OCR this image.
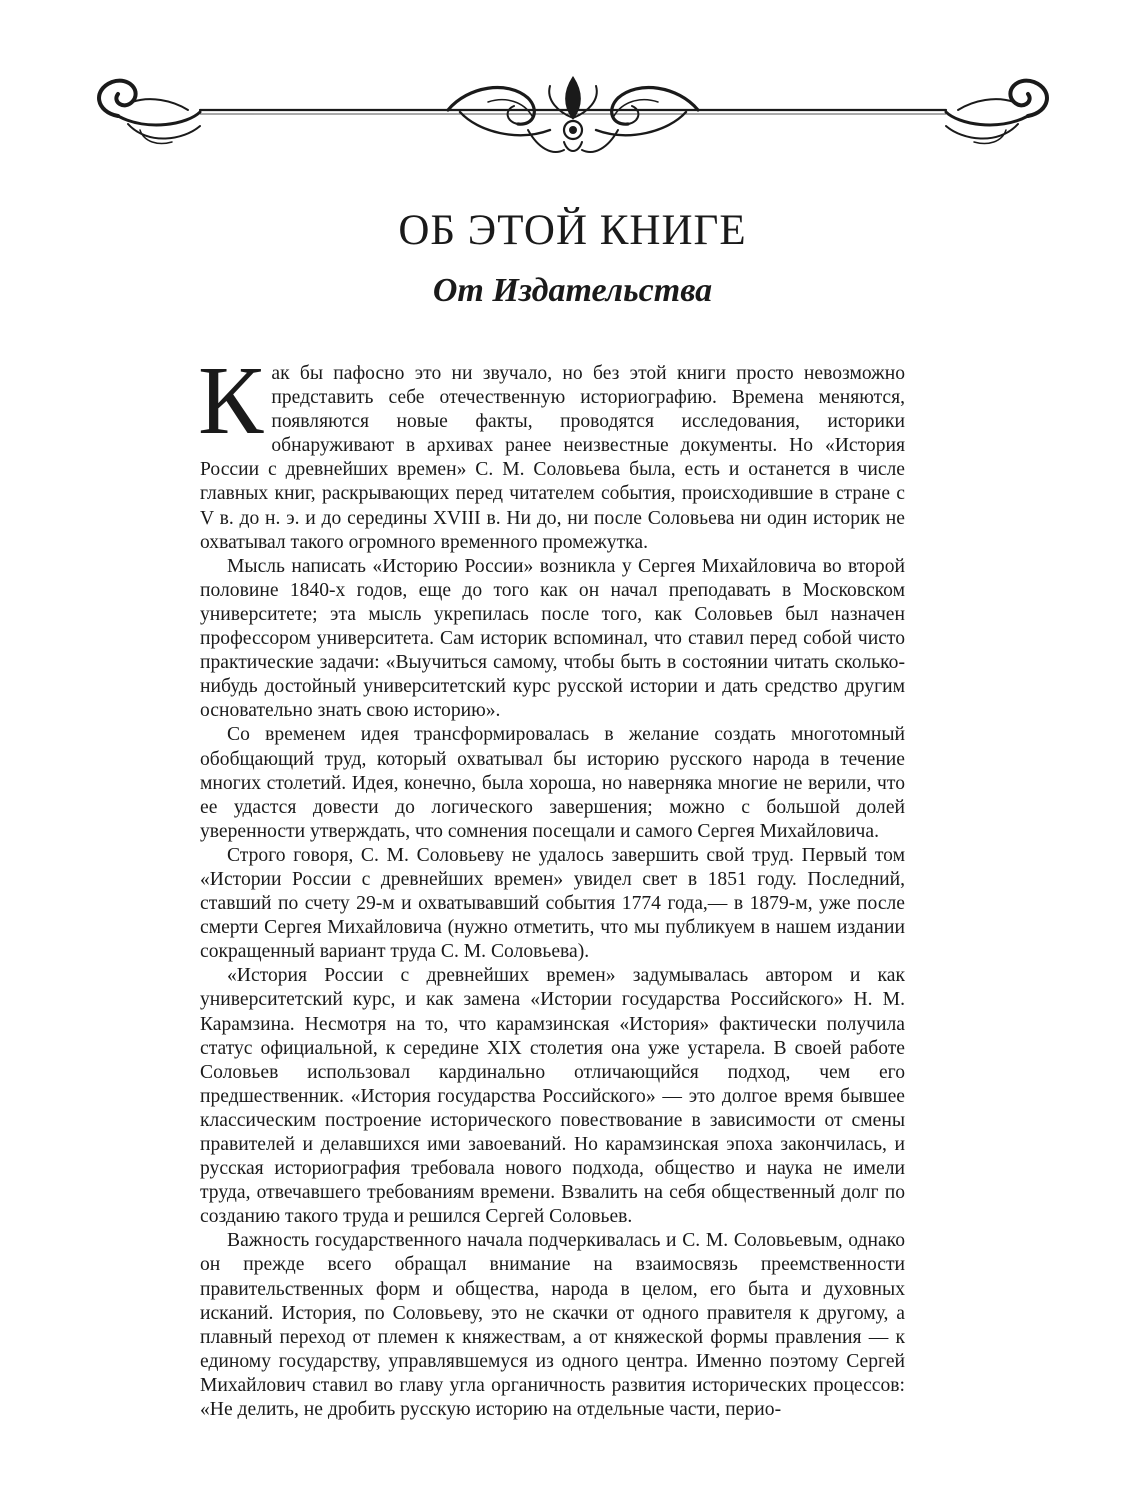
ОБ ЭТОЙ КНИГЕ
От Издательства

Как бы пафосно это ни звучало, но без этой книги просто невозможно представить себе отечественную историографию. Времена меняются, появляются новые факты, проводятся исследования, историки обнаруживают в архивах ранее неизвестные документы. Но «История России с древнейших времен» С. М. Соловьева была, есть и останется в числе главных книг, раскрывающих перед читателем события, происходившие в стране с V в. до н. э. и до середины XVIII в. Ни до, ни после Соловьева ни один историк не охватывал такого огромного временного промежутка.

Мысль написать «Историю России» возникла у Сергея Михайловича во второй половине 1840-х годов, еще до того как он начал преподавать в Московском университете; эта мысль укрепилась после того, как Соловьев был назначен профессором университета. Сам историк вспоминал, что ставил перед собой чисто практические задачи: «Выучиться самому, чтобы быть в состоянии читать сколько-нибудь достойный университетский курс русской истории и дать средство другим основательно знать свою историю».

Со временем идея трансформировалась в желание создать многотомный обобщающий труд, который охватывал бы историю русского народа в течение многих столетий. Идея, конечно, была хороша, но наверняка многие не верили, что ее удастся довести до логического завершения; можно с большой долей уверенности утверждать, что сомнения посещали и самого Сергея Михайловича.

Строго говоря, С. М. Соловьеву не удалось завершить свой труд. Первый том «Истории России с древнейших времен» увидел свет в 1851 году. Последний, ставший по счету 29-м и охватывавший события 1774 года,— в 1879-м, уже после смерти Сергея Михайловича (нужно отметить, что мы публикуем в нашем издании сокращенный вариант труда С. М. Соловьева).

«История России с древнейших времен» задумывалась автором и как университетский курс, и как замена «Истории государства Российского» Н. М. Карамзина. Несмотря на то, что карамзинская «История» фактически получила статус официальной, к середине XIX столетия она уже устарела. В своей работе Соловьев использовал кардинально отличающийся подход, чем его предшественник. «История государства Российского» — это долгое время бывшее классическим построение исторического повествование в зависимости от смены правителей и делавшихся ими завоеваний. Но карамзинская эпоха закончилась, и русская историография требовала нового подхода, общество и наука не имели труда, отвечавшего требованиям времени. Взвалить на себя общественный долг по созданию такого труда и решился Сергей Соловьев.

Важность государственного начала подчеркивалась и С. М. Соловьевым, однако он прежде всего обращал внимание на взаимосвязь преемственности правительственных форм и общества, народа в целом, его быта и духовных исканий. История, по Соловьеву, это не скачки от одного правителя к другому, а плавный переход от племен к княжествам, а от княжеской формы правления — к единому государству, управлявшемуся из одного центра. Именно поэтому Сергей Михайлович ставил во главу угла органичность развития исторических процессов: «Не делить, не дробить русскую историю на отдельные части, перио-
